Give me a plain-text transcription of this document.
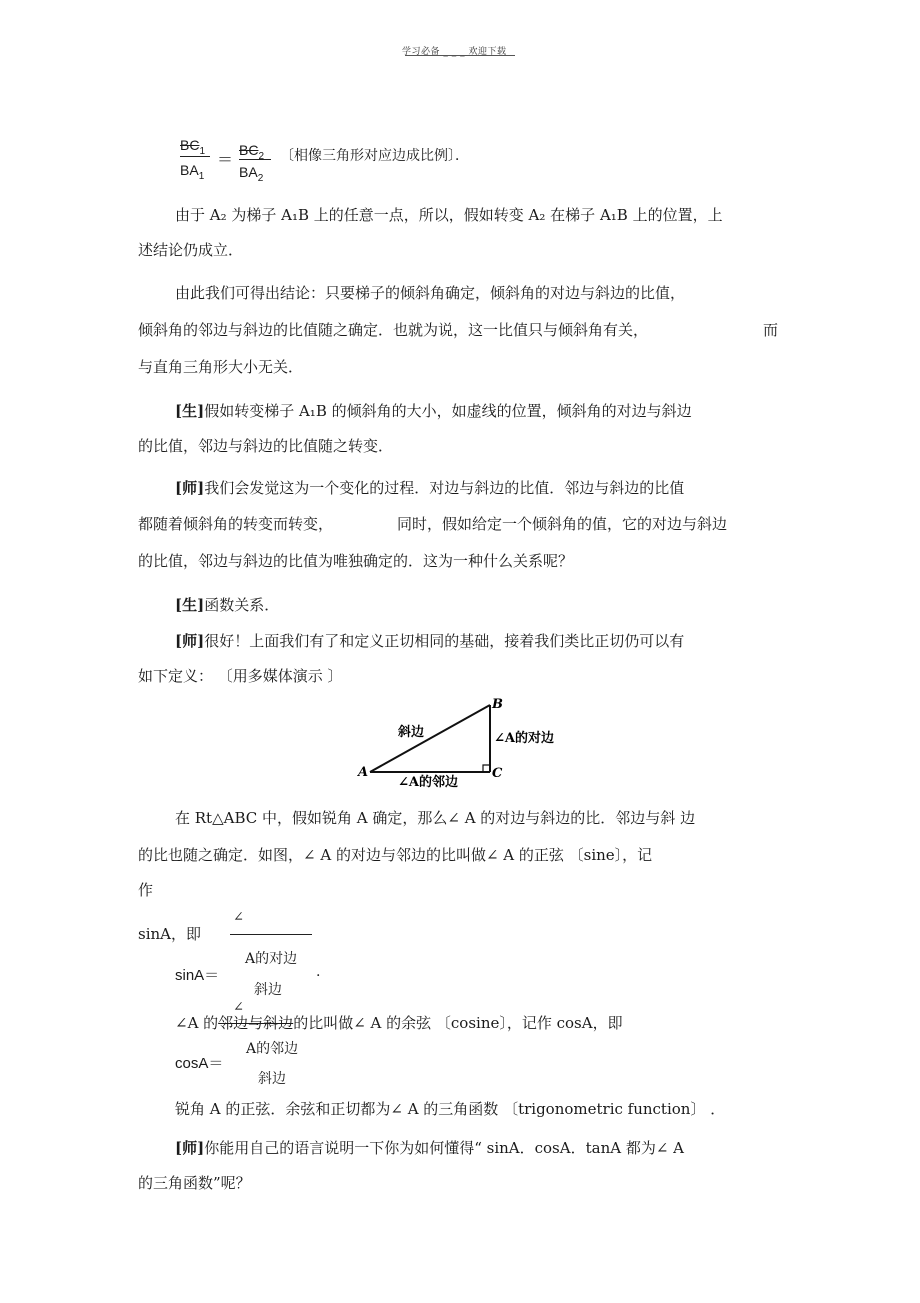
学习必备 _ _ _ 欢迎下载
$BC_1$
$BA_1$
＝
$BC_2$
$BA_2$
〔相像三角形对应边成比例〕．
由于 A₂ 为梯子 A₁B 上的任意一点，所以，假如转变 A₂ 在梯子 A₁B 上的位置，上
述结论仍成立．
由此我们可得出结论：只要梯子的倾斜角确定，倾斜角的对边与斜边的比值，
倾斜角的邻边与斜边的比值随之确定．也就为说，这一比值只与倾斜角有关，	而
与直角三角形大小无关．
[生]假如转变梯子 A₁B 的倾斜角的大小，如虚线的位置，倾斜角的对边与斜边
的比值，邻边与斜边的比值随之转变．
[师]我们会发觉这为一个变化的过程．对边与斜边的比值．邻边与斜边的比值
都随着倾斜角的转变而转变，	同时，假如给定一个倾斜角的值，它的对边与斜边
的比值，邻边与斜边的比值为唯独确定的．这为一种什么关系呢？
[生]函数关系．
[师]很好！上面我们有了和定义正切相同的基础，接着我们类比正切仍可以有
如下定义： 〔用多媒体演示 〕
A
B
C
斜边	∠A的对边
∠A的邻边
在 Rt△ABC 中，假如锐角 A 确定，那么∠ A 的对边与斜边的比．邻边与斜 边
的比也随之确定．如图，∠ A 的对边与邻边的比叫做∠ A 的正弦 〔sine〕，记
作
sinA，即
∠
sinA＝
A的对边
斜边
.
∠A 的邻边与斜边的比叫做∠ A 的余弦 〔cosine〕，记作 cosA，即
∠
cosA＝
A的邻边
斜边
锐角 A 的正弦．余弦和正切都为∠ A 的三角函数 〔trigonometric function〕 ．
[师]你能用自己的语言说明一下你为如何懂得“ sinA．cosA．tanA 都为∠ A
的三角函数”呢？
